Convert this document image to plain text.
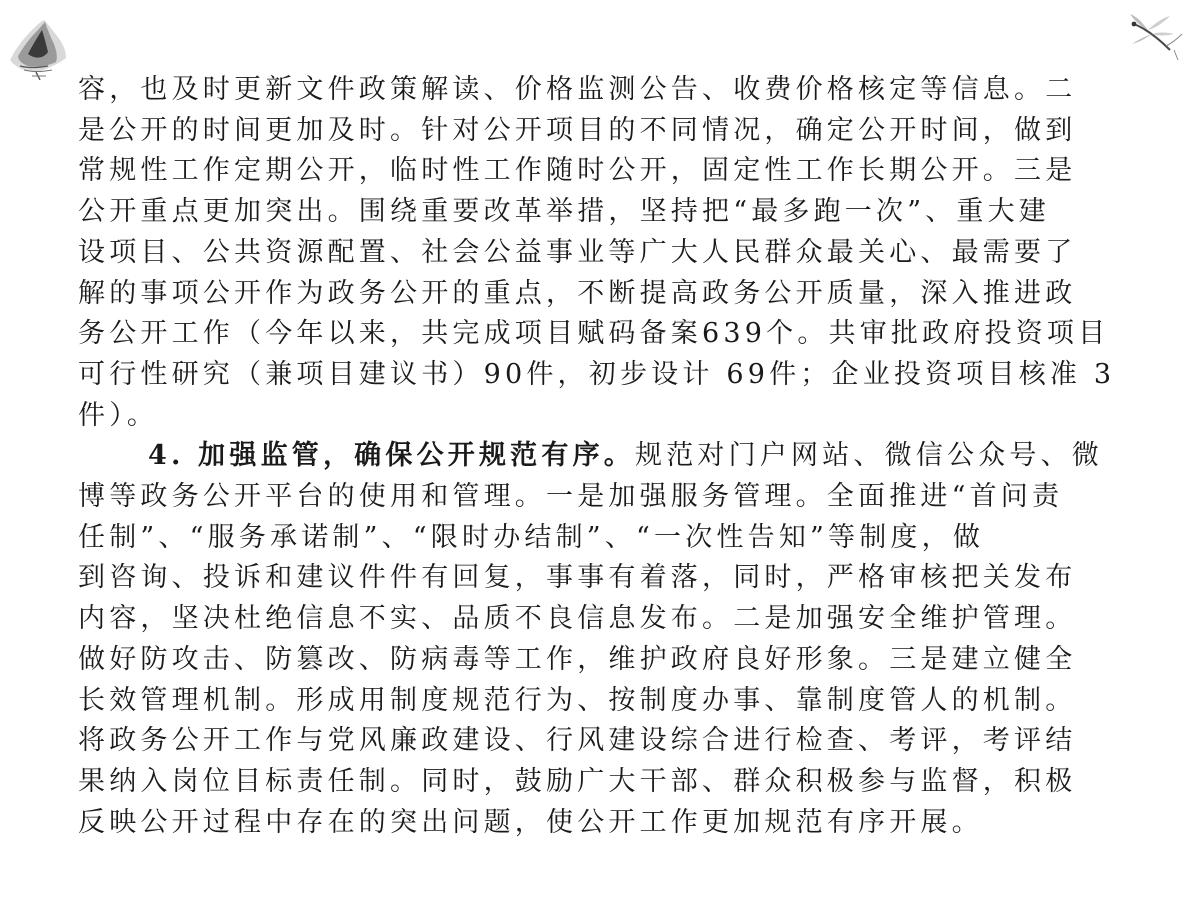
容，也及时更新文件政策解读、价格监测公告、收费价格核定等信息。二
是公开的时间更加及时。针对公开项目的不同情况，确定公开时间，做到
常规性工作定期公开，临时性工作随时公开，固定性工作长期公开。三是
公开重点更加突出。围绕重要改革举措，坚持把“最多跑一次”、重大建
设项目、公共资源配置、社会公益事业等广大人民群众最关心、最需要了
解的事项公开作为政务公开的重点，不断提高政务公开质量，深入推进政
务公开工作（今年以来，共完成项目赋码备案639个。共审批政府投资项目
可行性研究（兼项目建议书）90件，初步设计 69件；企业投资项目核准 3
件）。
4. 加强监管，确保公开规范有序。规范对门户网站、微信公众号、微
博等政务公开平台的使用和管理。一是加强服务管理。全面推进“首问责
任制”、“服务承诺制”、“限时办结制”、“一次性告知”等制度，做
到咨询、投诉和建议件件有回复，事事有着落，同时，严格审核把关发布
内容，坚决杜绝信息不实、品质不良信息发布。二是加强安全维护管理。
做好防攻击、防篡改、防病毒等工作，维护政府良好形象。三是建立健全
长效管理机制。形成用制度规范行为、按制度办事、靠制度管人的机制。
将政务公开工作与党风廉政建设、行风建设综合进行检查、考评，考评结
果纳入岗位目标责任制。同时，鼓励广大干部、群众积极参与监督，积极
反映公开过程中存在的突出问题，使公开工作更加规范有序开展。
